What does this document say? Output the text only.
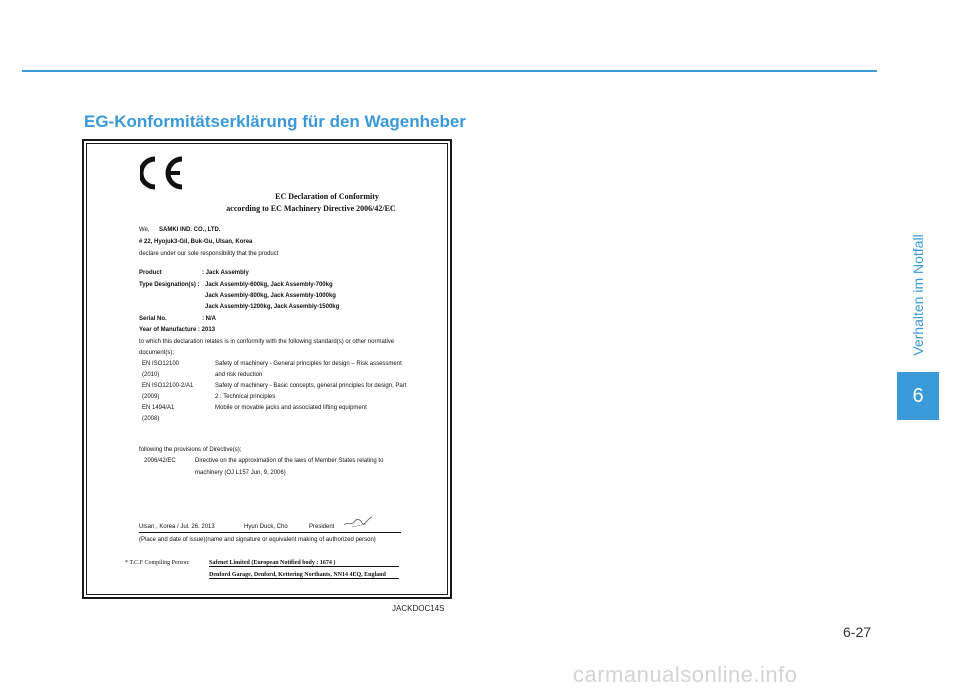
EG-Konformitätserklärung für den Wagenheber
EC Declaration of Conformity
according to EC Machinery Directive 2006/42/EC
We, SAMKI IND. CO., LTD.
# 22, Hyojuk3-Gil, Buk-Gu, Ulsan, Korea
declare under our sole responsibility that the product
Product	: Jack Assembly
Type Designation(s) : Jack Assembly-600kg, Jack Assembly-700kg
Jack Assembly-800kg, Jack Assembly-1000kg
Jack Assembly-1200kg, Jack Assembly-1500kg
Serial No.	: N/A
Year of Manufacture : 2013
to which this declaration relates is in conformity with the following standard(s) or other normative
document(s);
EN ISO12100	Safety of machinery - General principles for design – Risk assessment
(2010)	and risk reduction
EN ISO12100-2/A1	Safety of machinery - Basic concepts, general principles for design, Part
(2009)	2 : Technical principles
EN 1494/A1	Mobile or movable jacks and associated lifting equipment
(2008)
following the provisions of Directive(s);
2006/42/EC	Directive on the approximation of the laws of Member States relating to
machinery (OJ L157 Jun, 9, 2006)
Ulsan , Korea / Jul. 26. 2013	Hyun Duck, Cho	President
(Place and date of issue)(name and signature or equivalent making of authorized person)
* T.C.F Compiling Person:	Safenet Limited (European Notified body : 1674 )
Denford Garage, Denford, Kettering Northants, NN14 4EQ, England
JACKDOC14S
Verhalten im Notfall
6
6-27
carmanualsonline.info
